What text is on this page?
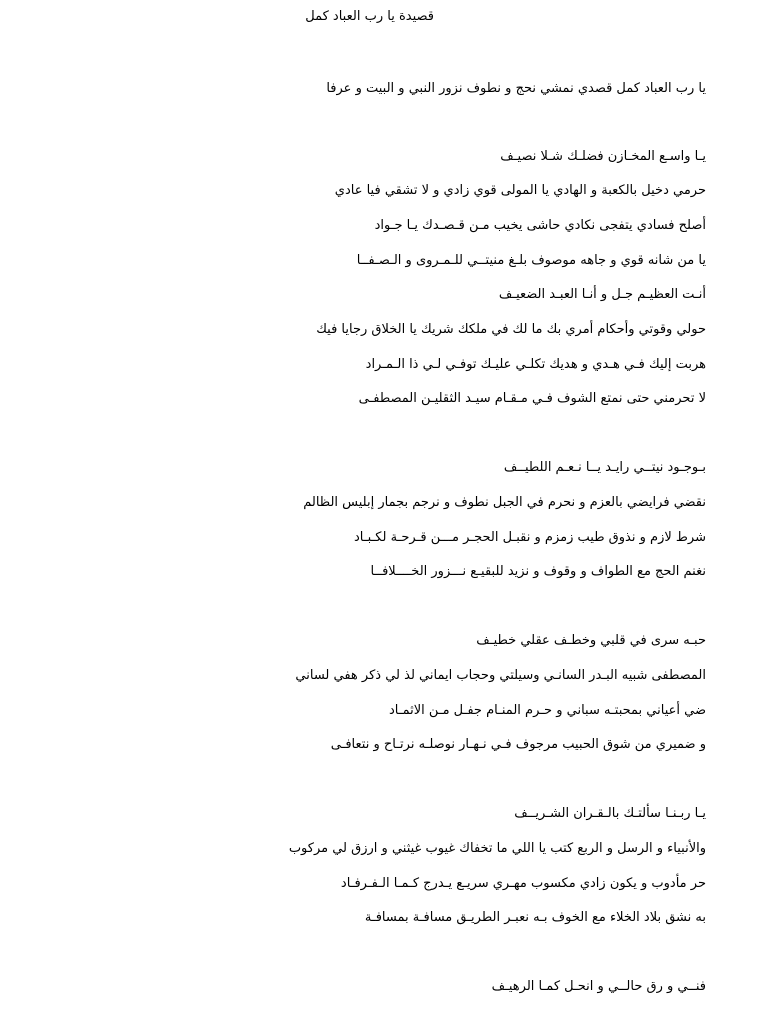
قصيدة يا رب العباد كمل
يا رب العباد كمل قصدي نمشي نحج و نطوف نزور النبي و البيت و عرفا
يـا واسـع المخـازن فضلـك شـلا نصيـف
حرمي دخيل بالكعبة و الهادي يا المولى قوي زادي و لا تشقي فيا عادي
أصلح فسادي يتفجى نكادي حاشى يخيب مـن قـصـدك يـا جـواد
يا من شانه قوي و جاهه موصوف بلـغ منيتــي للـمـروى و الـصـفــا
أنـت العظيـم جـل و أنـا العبـد الضعيـف
حولي وقوتي وأحكام أمري بك ما لك في ملكك شريك يا الخلاق رجايا فيك
هربت إليك فـي هـدي و هديك تكلـي عليـك توفـي لـي ذا الـمـراد
لا تحرمني حتى نمتع الشوف فـي مـقـام سيـد الثقليـن المصطفـى
بـوجـود نيتــي رايـد يــا نـعـم اللطيــف
نقضي فرايضي بالعزم و نحرم في الجبل نطوف و نرجم بجمار إبليس الظالم
شرط لازم و نذوق طيب زمزم و نقبـل الحجـر مـــن قـرحـة لكـبـاد
نغنم الحج مع الطواف و وقوف و نزيد للبقيـع نـــزور الخــــلافــا
حبـه سرى في قلبي وخطـف عقلي خطيـف
المصطفى شبيه البـدر السانـي وسيلتي وحجاب ايماني لذ لي ذكر هفي لساني
ضي أعياني بمحبتـه سباني و حـرم المنـام جفـل مـن الاثمـاد
و ضميري من شوق الحبيب مرجوف فـي نـهـار نوصلـه نرتـاح و نتعافـى
يـا ربـنـا سألتـك بالـقـران الشـريــف
والأنبياء و الرسل و الربع كتب يا اللي ما تخفاك غيوب غيثني و ارزق لي مركوب
حر مأدوب و يكون زادي مكسوب مهـري سريـع يـدرج كـمـا الـفـرفـاد
به نشق بلاد الخلاء مع الخوف بـه نعبـر الطريـق مسافـة بمسافـة
فنــي و رق حالــي و انحـل كمـا الرهيـف
